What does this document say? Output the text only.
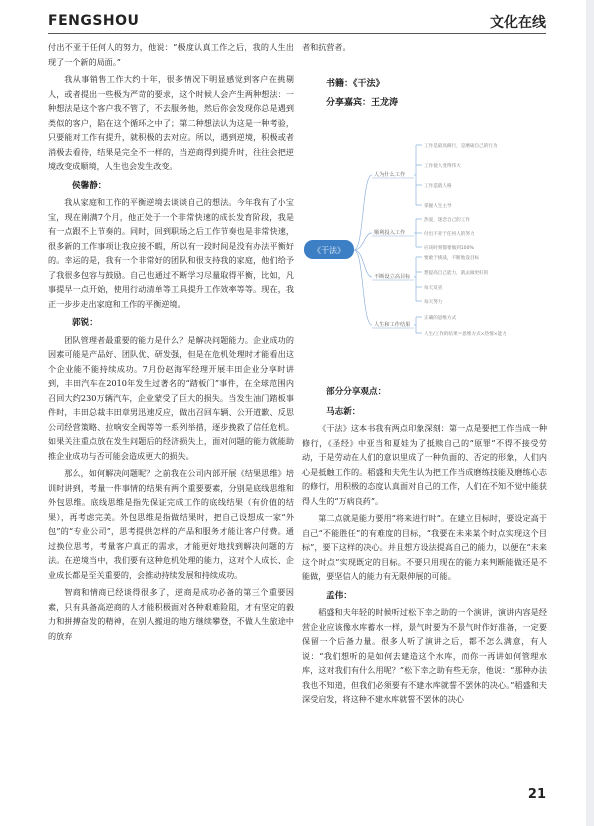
FENGSHOU	文化在线

付出不亚于任何人的努力，他说：“极度认真工作之后，我的人生出现了一个新的局面。”

我从事销售工作大约十年，很多情况下明显感觉到客户在挑剔人，或者提出一些极为严苛的要求，这个时候人会产生两种想法：一种想法是这个客户我不管了，不去服务他，然后你会发现你总是遇到类似的客户，陷在这个循环之中了；第二种想法认为这是一种考验，只要能对工作有提升，就积极的去对应。所以，遇到逆境，积极或者消极去看待，结果是完全不一样的，当逆商得到提升时，往往会把逆境改变成顺境，人生也会发生改变。

侯馨静：

我从家庭和工作的平衡逆境去谈谈自己的想法。今年我有了小宝宝，现在刚满7个月，他正处于一个非常快速的成长发育阶段，我是有一点跟不上节奏的。同时，回到职场之后工作节奏也是非常快速，很多新的工作事项让我应接不暇，所以有一段时间是没有办法平衡好的。幸运的是，我有一个非常好的团队和很支持我的家庭，他们给予了我很多包容与鼓励。自己也通过不断学习尽量取得平衡，比如，凡事提早一点开始，使用行动清单等工具提升工作效率等等。现在，我正一步步走出家庭和工作的平衡逆境。

郭锐：

团队管理者最重要的能力是什么？是解决问题能力。企业成功的因素可能是产品好、团队优、研发强，但是在危机处理时才能看出这个企业能不能持续成功。7月份赵海军经理开展丰田企业分享时讲到，丰田汽车在2010年发生过著名的“踏板门”事件，在全球范围内召回大约230万辆汽车，企业蒙受了巨大的损失。当发生油门踏板事件时，丰田总裁丰田章男迅速反应，做出召回车辆、公开道歉、反思公司经营策略、拉响安全阀等等一系列举措，逐步挽救了信任危机。如果关注重点放在发生问题后的经济损失上，面对问题的能力就能助推企业成功与否可能会造成更大的损失。

那么，如何解决问题呢？之前我在公司内部开展《结果思维》培训时讲到，考量一件事情的结果有两个重要要素，分别是底线思维和外包思维。底线思维是指先保证完成工作的底线结果（有价值的结果），再考虑完美。外包思维是指做结果时，把自己设想成一家“外包”的“专业公司”，思考提供怎样的产品和服务才能让客户付费。通过换位思考，考量客户真正的需求，才能更好地找到解决问题的方法。在逆境当中，我们要有这种危机处理的能力，这对个人成长、企业成长都是至关重要的，会推动持续发展和持续成功。

智商和情商已经谈得很多了，逆商是成功必备的第三个重要因素，只有具备高逆商的人才能积极面对各种艰难险阻，才有坚定的毅力和拼搏奋发的精神，在别人搬退的地方继续攀登，不做人生旅途中的放弃

者和抗营者。

书籍：《干法》
分享嘉宾：王龙涛
《干法》
人为什么工作
顺利投入工作
不断设立高目标
人生和工作结果
工作是最高修行，是磨砺自己的行为
工作使人变得伟大
工作造就人格
掌握人生主导
热爱，迷恋自己的工作
付出不亚于任何人的努力
应该时刻都要做到100%
要敢于挑战，不断地设目标
想提高自己能力，就去做更好的
每天反省
每天努力
正确的思维方式
人生/工作的结果＝思维方式×热情×能力
部分分享观点：
马志新：

《干法》这本书我有两点印象深刻：第一点是要把工作当成一种修行，《圣经》中亚当和夏娃为了抵赎自己的“原罪”不得不接受劳动，于是劳动在人们的意识里成了一种负面的、否定的形象，人们内心是抵触工作的。稻盛和夫先生认为把工作当成磨练技能及磨练心志的修行，用积极的态度认真面对自己的工作，人们在不知不觉中能获得人生的“万病良药”。

第二点就是能力要用“将来进行时”。在建立目标时，要设定高于自己“不能胜任”的有难度的目标，“我要在未来某个时点实现这个目标”，要下这样的决心。并且想方设法提高自己的能力，以便在“未来这个时点”实现既定的目标。不要只用现在的能力来判断能做还是不能做，要坚信人的能力有无限伸展的可能。

孟伟：

稻盛和夫年轻的时候听过松下幸之助的一个演讲，演讲内容是经营企业应该像水库蓄水一样，景气时要为不景气时作好准备，一定要保留一个后备力量。很多人听了演讲之后，都不怎么满意，有人说：“我们想听的是如何去建造这个水库，而你一再讲如何管理水库，这对我们有什么用呢？”松下幸之助有些无奈，他说：“那种办法我也不知道，但我们必须要有不建水库就誓不罢休的决心。”稻盛和夫深受启发，将这种不建水库就誓不罢休的决心

21
